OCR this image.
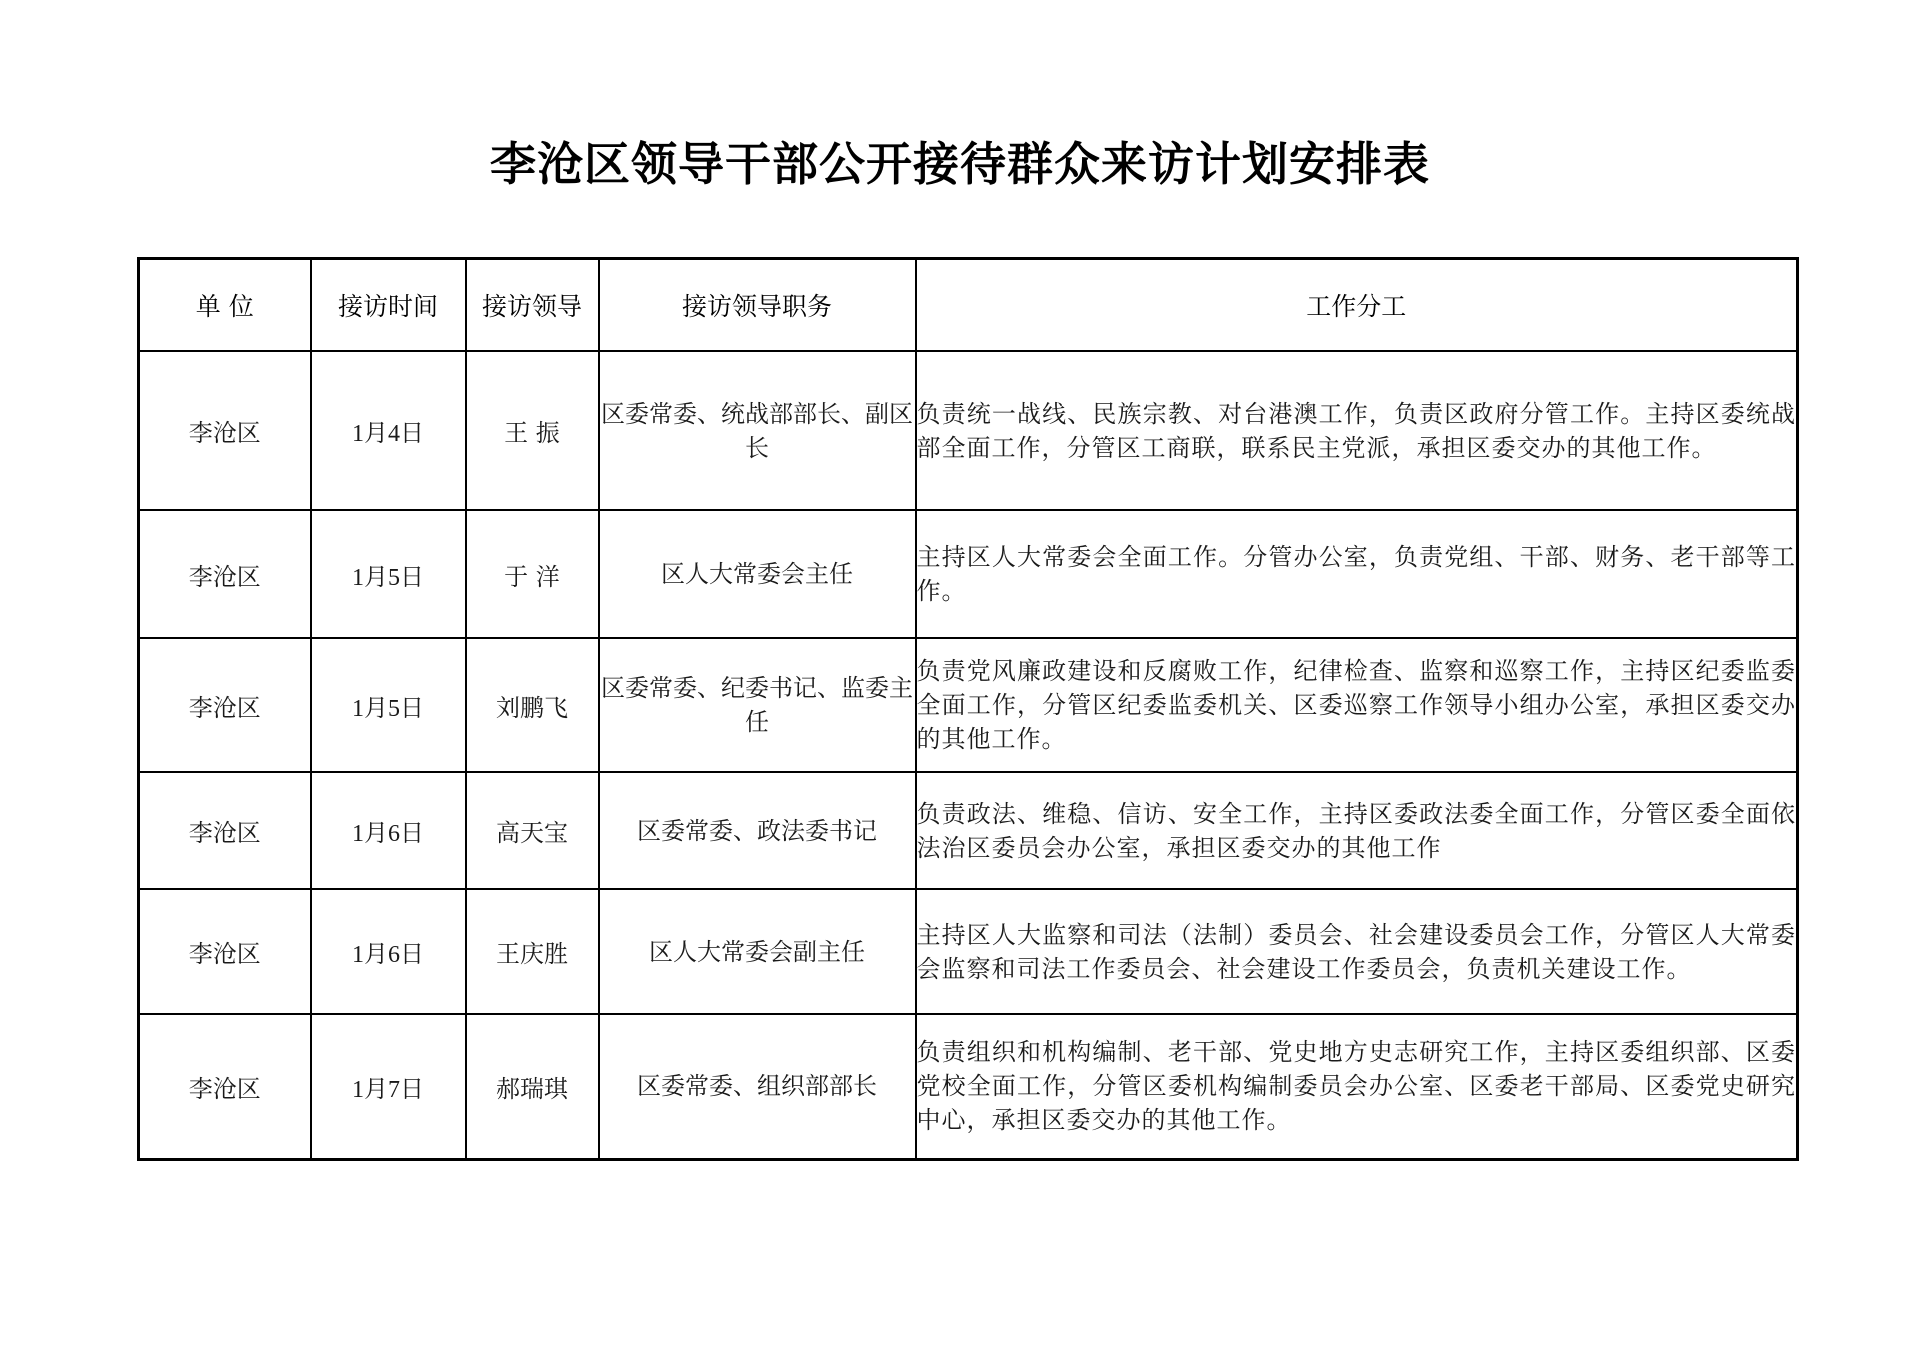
李沧区领导干部公开接待群众来访计划安排表
单 位	接访时间	接访领导	接访领导职务	工作分工
李沧区	1月4日	王 振	区委常委、统战部部长、副区长	负责统一战线、民族宗教、对台港澳工作，负责区政府分管工作。主持区委统战部全面工作，分管区工商联，联系民主党派，承担区委交办的其他工作。
李沧区	1月5日	于 洋	区人大常委会主任	主持区人大常委会全面工作。分管办公室，负责党组、干部、财务、老干部等工作。
李沧区	1月5日	刘鹏飞	区委常委、纪委书记、监委主任	负责党风廉政建设和反腐败工作，纪律检查、监察和巡察工作，主持区纪委监委全面工作，分管区纪委监委机关、区委巡察工作领导小组办公室，承担区委交办的其他工作。
李沧区	1月6日	高天宝	区委常委、政法委书记	负责政法、维稳、信访、安全工作，主持区委政法委全面工作，分管区委全面依法治区委员会办公室，承担区委交办的其他工作
李沧区	1月6日	王庆胜	区人大常委会副主任	主持区人大监察和司法（法制）委员会、社会建设委员会工作，分管区人大常委会监察和司法工作委员会、社会建设工作委员会，负责机关建设工作。
李沧区	1月7日	郝瑞琪	区委常委、组织部部长	负责组织和机构编制、老干部、党史地方史志研究工作，主持区委组织部、区委党校全面工作，分管区委机构编制委员会办公室、区委老干部局、区委党史研究中心，承担区委交办的其他工作。
